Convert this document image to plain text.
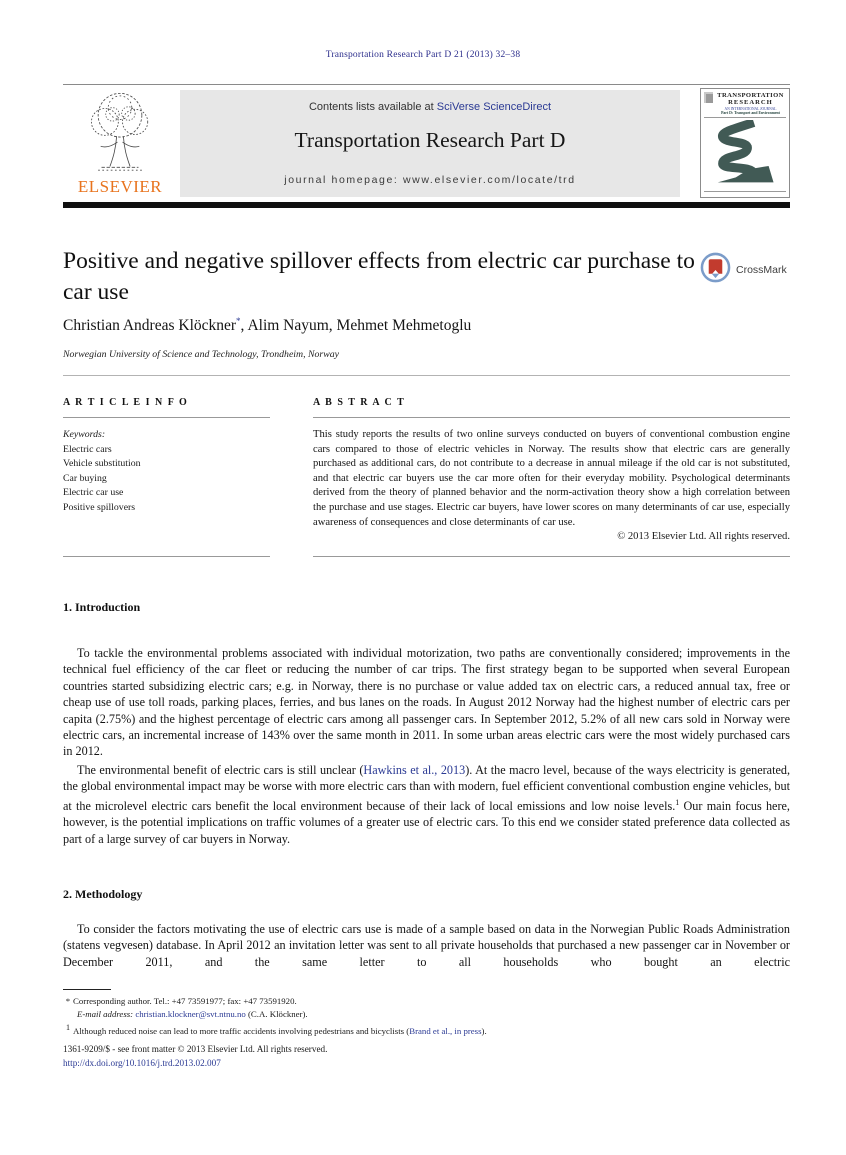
Transportation Research Part D 21 (2013) 32–38
ELSEVIER
Contents lists available at SciVerse ScienceDirect
Transportation Research Part D
journal homepage: www.elsevier.com/locate/trd
TRANSPORTATION
RESEARCH
AN INTERNATIONAL JOURNAL
Part D: Transport and Environment
Positive and negative spillover effects from electric car purchase to car use
CrossMark
Christian Andreas Klöckner*, Alim Nayum, Mehmet Mehmetoglu
Norwegian University of Science and Technology, Trondheim, Norway
A R T I C L E I N F O
Keywords:
Electric cars
Vehicle substitution
Car buying
Electric car use
Positive spillovers
A B S T R A C T
This study reports the results of two online surveys conducted on buyers of conventional combustion engine cars compared to those of electric vehicles in Norway. The results show that electric cars are generally purchased as additional cars, do not contribute to a decrease in annual mileage if the old car is not substituted, and that electric car buyers use the car more often for their everyday mobility. Psychological determinants derived from the theory of planned behavior and the norm-activation theory show a high correlation between the purchase and use stages. Electric car buyers, have lower scores on many determinants of car use, especially awareness of consequences and close determinants of car use.
© 2013 Elsevier Ltd. All rights reserved.
1. Introduction

To tackle the environmental problems associated with individual motorization, two paths are conventionally considered; improvements in the technical fuel efficiency of the car fleet or reducing the number of car trips. The first strategy began to be supported when several European countries started subsidizing electric cars; e.g. in Norway, there is no purchase or value added tax on electric cars, a reduced annual tax, free or cheap use of use toll roads, parking places, ferries, and bus lanes on the roads. In August 2012 Norway had the highest number of electric cars per capita (2.75%) and the highest percentage of electric cars among all passenger cars. In September 2012, 5.2% of all new cars sold in Norway were electric cars, an incremental increase of 143% over the same month in 2011. In some urban areas electric cars were the most widely purchased cars in 2012.

The environmental benefit of electric cars is still unclear (Hawkins et al., 2013). At the macro level, because of the ways electricity is generated, the global environmental impact may be worse with more electric cars than with modern, fuel efficient conventional combustion engine vehicles, but at the microlevel electric cars benefit the local environment because of their lack of local emissions and low noise levels.$^1$ Our main focus here, however, is the potential implications on traffic volumes of a greater use of electric cars. To this end we consider stated preference data collected as part of a large survey of car buyers in Norway.

2. Methodology

To consider the factors motivating the use of electric cars use is made of a sample based on data in the Norwegian Public Roads Administration (statens vegvesen) database. In April 2012 an invitation letter was sent to all private households that purchased a new passenger car in November or December 2011, and the same letter to all households who bought an electric

* Corresponding author. Tel.: +47 73591977; fax: +47 73591920.
E-mail address: christian.klockner@svt.ntnu.no (C.A. Klöckner).
$^1$ Although reduced noise can lead to more traffic accidents involving pedestrians and bicyclists (Brand et al., in press).
1361-9209/$ - see front matter © 2013 Elsevier Ltd. All rights reserved.
http://dx.doi.org/10.1016/j.trd.2013.02.007
